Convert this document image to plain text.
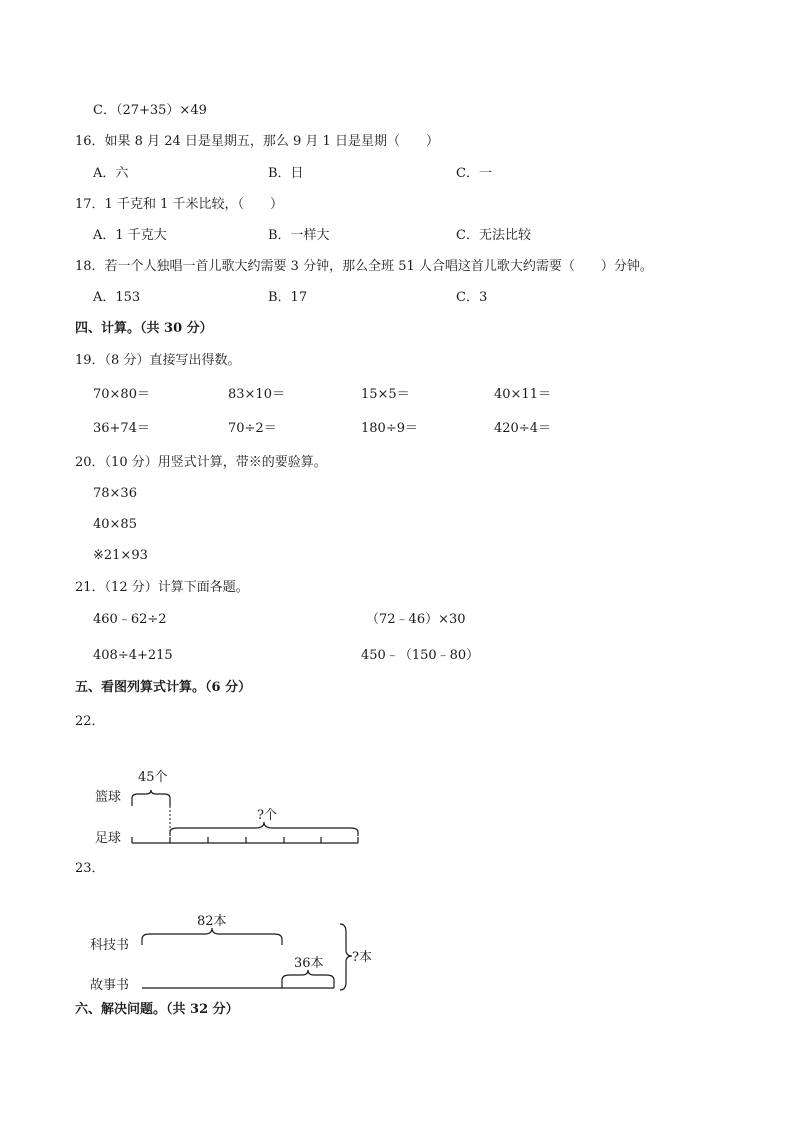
C．（27+35）×49
16．如果 8 月 24 日是星期五，那么 9 月 1 日是星期（　　）
A．六	B．日	C．一
17．1 千克和 1 千米比较，（　　）
A．1 千克大	B．一样大	C．无法比较
18．若一个人独唱一首儿歌大约需要 3 分钟，那么全班 51 人合唱这首儿歌大约需要（　　）分钟。
A．153	B．17	C．3
四、计算。（共 30 分）
19．（8 分）直接写出得数。
70×80＝	83×10＝	15×5＝	40×11＝
36+74＝	70÷2＝	180÷9＝	420÷4＝
20．（10 分）用竖式计算，带※的要验算。
78×36
40×85
※21×93
21．（12 分）计算下面各题。
460﹣62÷2	（72﹣46）×30
408÷4+215	450﹣（150﹣80）
五、看图列算式计算。（6 分）
22．
篮球
足球
45个
?个
23．
科技书
故事书
82本
36本 ?本
六、解决问题。（共 32 分）
